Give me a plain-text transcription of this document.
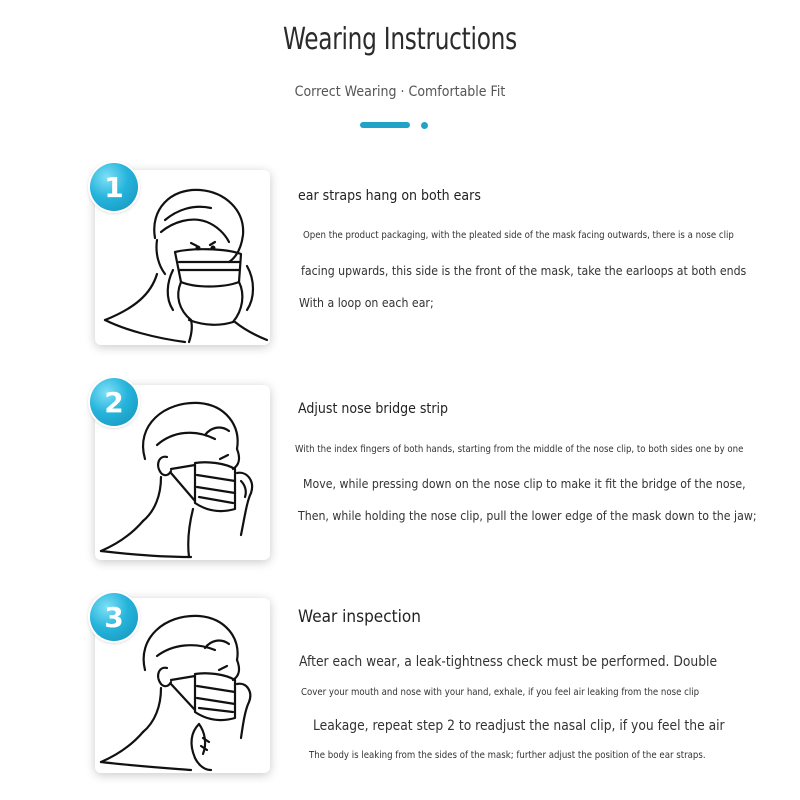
Wearing Instructions
Correct Wearing · Comfortable Fit
1	ear straps hang on both ears
Open the product packaging, with the pleated side of the mask facing outwards, there is a nose clip
facing upwards, this side is the front of the mask, take the earloops at both ends
With a loop on each ear;
2	Adjust nose bridge strip
With the index fingers of both hands, starting from the middle of the nose clip, to both sides one by one
Move, while pressing down on the nose clip to make it fit the bridge of the nose,
Then, while holding the nose clip, pull the lower edge of the mask down to the jaw;
3	Wear inspection
After each wear, a leak-tightness check must be performed. Double
Cover your mouth and nose with your hand, exhale, if you feel air leaking from the nose clip
Leakage, repeat step 2 to readjust the nasal clip, if you feel the air
The body is leaking from the sides of the mask; further adjust the position of the ear straps.
